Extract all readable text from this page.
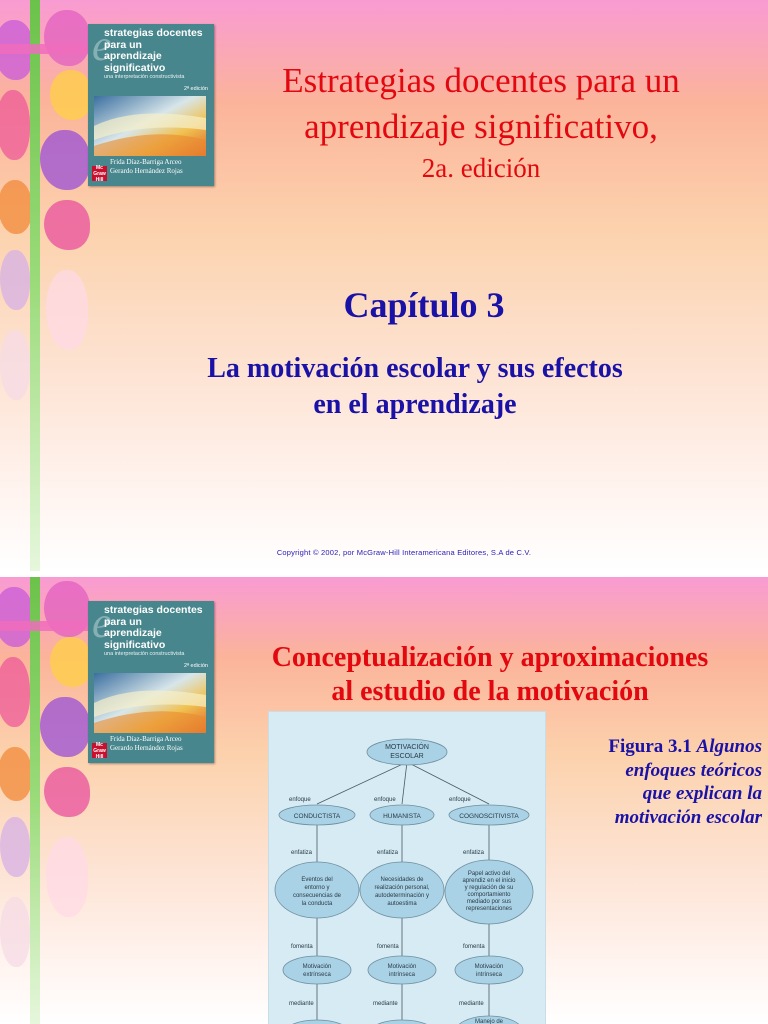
e
strategias docentes
para un
aprendizaje
significativo
una interpretación constructivista
2ª edición
Frida Díaz-Barriga Arceo
Gerardo Hernández Rojas
Mc Graw Hill
Estrategias docentes para un
aprendizaje significativo,
2a. edición
Capítulo 3
La motivación escolar y sus efectos
en el aprendizaje
Copyright © 2002, por McGraw-Hill Interamericana Editores, S.A de C.V.
e
strategias docentes
para un
aprendizaje
significativo
una interpretación constructivista
2ª edición
Frida Díaz-Barriga Arceo
Gerardo Hernández Rojas
Mc Graw Hill
Conceptualización y aproximaciones
al estudio de la motivación
MOTIVACIÓN
ESCOLAR
enfoque	enfoque	enfoque
CONDUCTISTA	HUMANISTA	COGNOSCITIVISTA
enfatiza	enfatiza	enfatiza
Eventos del
entorno y
consecuencias de
la conducta
Necesidades de
realización personal,
autodeterminación y
autoestima
Papel activo del
aprendiz en el inicio
y regulación de su
comportamiento
mediado por sus
representaciones
fomenta	fomenta	fomenta
Motivación
extrínseca
Motivación
intrínseca
Motivación
intrínseca
mediante	mediante	mediante
Manejo de
Figura 3.1 Algunos
enfoques teóricos
que explican la
motivación escolar
